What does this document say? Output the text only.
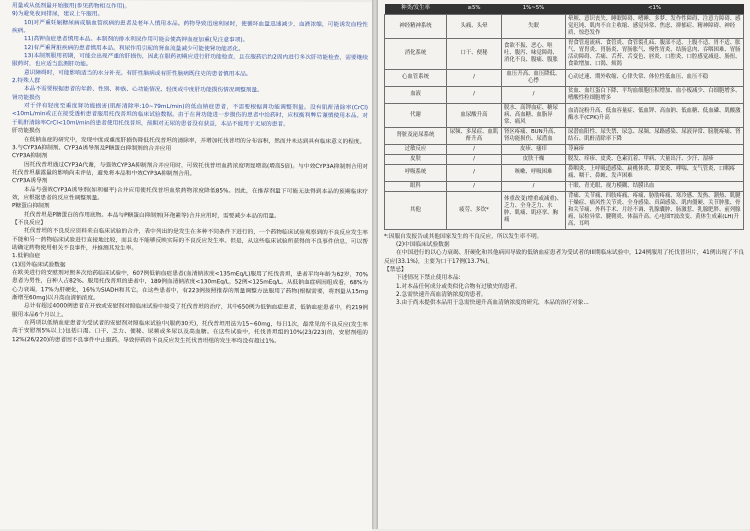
用量或从低剂量开始服用(参见药物相互作用)。
9)为避免夜间排尿，建议上午服用。
10)对严重妊娠糖尿病或脑血管疾病的患者及老年人慎用本品。药物导致迅速利尿时，使循环血量迅速减少，血液浓缩，可能诱发血栓性疾病。
11)高钾血症患者慎用本品。本制剂的排水利尿作用可能会使高钾血症加重(见注意事项)。
12)有严重肾脏疾病的患者慎用本品。利尿作用引起的肾血流量减少可能使肾功能恶化。
13)本制剂服用初期，可能会出现严重的肝损伤，因此在服药初期应进行肝功能检查，且在服药后约2周内进行多次肝功能检查，需要继续服药时，也应适当监测肝功能。
意识障碍时，可能影响适当的水分补充。有肝性脑病或有肝性脑病既往史的患者慎用本品。
2.特殊人群
本品不需要根据患者的年龄、性别、种族、心功能情况、轻度或中度肝功能损伤情况调整剂量。
肾功能损伤
对于伴有轻度至重度肾功能损害(肌酐清除率:10~79mL/min)的低血钠症患者，不需要根据肾功能调整剂量。没有肌酐清除率(CrCl)<10mL/min或正在接受透析患者服用托伐普坦的临床试验数据。由于在肾功能进一步损伤的患者中给药时，应权衡利弊后谨慎使用本品。对于肌酐清除率CrCl<10ml/min的患者使用托伐普坦，预期对无尿的患者没有获益，本品不能用于无尿的患者。
肝功能损伤
在低钠血症的研究中，发现中度或重度肝损伤降低托伐普坦的清除率，并增加托伐普坦的分布容积，然而并未达到具有临床意义的程度。
3.与CYP3A抑制剂、CYP3A诱导剂及P糖蛋白抑制剂的合并应用
CYP3A抑制剂
因托伐普坦通过CYP3A代谢，与强效CYP3A抑制剂合并应用时，可致托伐普坦血药浓度明显增高(增高5倍)。与中效CYP3A抑制剂合用对托伐普坦暴露量的影响尚未评估，避免将本品和中效CYP3A抑制剂合用。
CYP3A诱导剂
本品与强效CYP3A诱导剂(如利福平)合并应用使托伐普坦血浆药物浓度降低85%。因此，在推荐剂量下可能无法得到本品的预期临床疗效，应根据患者的反应性调整剂量。
P糖蛋白抑制剂
托伐普坦是P糖蛋白的作用底物。本品与P糖蛋白抑制剂(环孢素等)合并应用时，需要减少本品的用量。
【不良反应】
托伐普坦的不良反应资料来自临床试验的合并，表中列出的是发生在多种不同条件下进行的，一个药物临床试验观察到的不良反应发生率不能和另一药物临床试验进行直接地比较，而且也不能够反映实际的不良反应发生率。但是，从这些临床试验所获得的不良事件信息，可以帮助确定药物使用相关不良事件，并推测其发生率。
1.低钠血症
(1)国外临床试验数据
在欧美进行的安慰剂对照多次给药临床试验中，607例低钠血症患者(血清钠浓度<135mEq/L)服用了托伐普坦，患者平均年龄为62岁，70%患者为男性，白种人占82%。服用托伐普坦的患者中，189例血清钠浓度<130mEq/L，52例<125mEq/L。从低钠血症病因组成看，68%为心力衰竭，17%为肝硬化，16%为SIADH和其它。在这些患者中，有223例按照推荐的剂量调整方法服用了药物(根据需要，将剂量从15mg渐增至60mg)以升高血清钠浓度。
总计有超过4000例患者在开放或安慰剂对照临床试验中接受了托伐普坦的治疗，其中650例为低钠血症患者，低钠血症患者中，约219例服用本品6个月以上。
在两项以低钠血症患者为受试者的安慰剂对照临床试验中(服药30天)，托伐普坦用法为15~60mg，每日1次，最常见的不良反应(发生率高于安慰剂5%以上)包括口渴、口干、乏力、便秘、尿频或多尿以及高血糖。在这些试验中，托伐普坦组的10%(23/223)的，安慰剂组的12%(26/220)的患者因不良事件中止服药。导致停药的不良反应发生托伐普坦组的发生率均没有超过1%。
种类/发生率	≥5%	1%~5%	<1%
神经精神系统	头痛、头晕	失眠	晕厥、意识丧失、睡眠障碍、嗜睡、多梦、发作性障碍、注意力障碍、感觉迟钝、肌肉不自主收缩、感觉异常、焦虑、抑郁症、精神障碍、神经质、惊恐发作
消化系统	口干、便秘	食欲不振、恶心、呕吐、腹泻、味觉障碍、消化不良、腹痛、腹胀	胃食管返流病、食管炎、食管裂孔疝、腹部不适、上腹不适、胃不适、胀气、胃胃炎、胃肠炎、胃肠胀气、慢性胃炎、结肠息肉、吞咽困难、胃肠活动障碍、舌痛、舌苔、舌变色、唇炎、口腔炎、口腔感觉减退、肠扭、食欲增加、口渴、烦渴
心血管系统	/	血压升高、血压降低、心悸	心动过速、期外收缩、心律失常、体位性低血压、血压不稳
血液	/	/	贫血、血红蛋白下降、平均血细胞压积增加、血小板减少、白细胞增多、嗜酸性粒细胞增多
代谢	血尿酸升高	脱水、高钾血症、糖尿病、高血糖、血脂异常、痛风	血清淀粉升高、低血容量症、低血钾、高血钠、低血糖、低血磷、肌酸激酶水平(CPK)升高
肾脏及泌尿系统	尿频、多尿症、血肌酐升高	肾区疼痛、BUN升高、肾功能损伤、尿潜血	尿潜血阳性、尿失禁、尿急、尿频、尿路感染、尿液异常、膀胱疼痛、肾结石、肌酐清除率下降
过敏反应	/	皮疹、瘙痒	荨麻疹
皮肤	/	皮肤干燥	脱发、痒疹、皮炎、色素沉着、甲病、大量出汗、少汗、湿疹
呼吸系统	/	咳嗽、呼吸困难	鼻咽炎、上呼吸道感染、扁桃体炎、鼻窦炎、哮喘、支气管炎、口咽疼痛、咽干、鼻衄、发声困难
眼科	/	/	干眼、青光眼、视力模糊、结膜出血
其他	疲劳、多饮*	体重改变(增重或减重)、乏力、全身乏力、水肿、肌痛、肌痉挛、胸痛	背痛、关节痛、四肢疼痛、疼痛、胁肋疼痛、寒冷感、发热、潮热、肌腱干燥症、痛风性关节炎、全身感染、真菌感染、肌肉僵硬、关节肿胀、骨和关节痛、外科手术、月经不调、乳腺囊肿、肠激惹、乳腺肥胖、前列腺癌、尿检异常、腱鞘炎、体温升高、心电图T波改变、黄体生成素(LH)升高、耳鸣
*:因服自发报告或其他国家发生的不良反应，所以发生率不明。
(2)中国临床试验数据
在中国进行的以心力衰竭、肝硬化和其他病因导致的低钠血症患者为受试者的III期临床试验中，124例服用了托伐普坦片，41例出现了不良反应(33.1%)，主要为口干17例(13.7%)。
【禁忌】
下述情况下禁止使用本品:
1.对本品任何成分或类似化合物有过敏史的患者。
2.急需快速升高血清钠浓度的患者。
3.由于尚未提供本品用于急需快速升高血清钠浓度的研究，本品的治疗对象...
